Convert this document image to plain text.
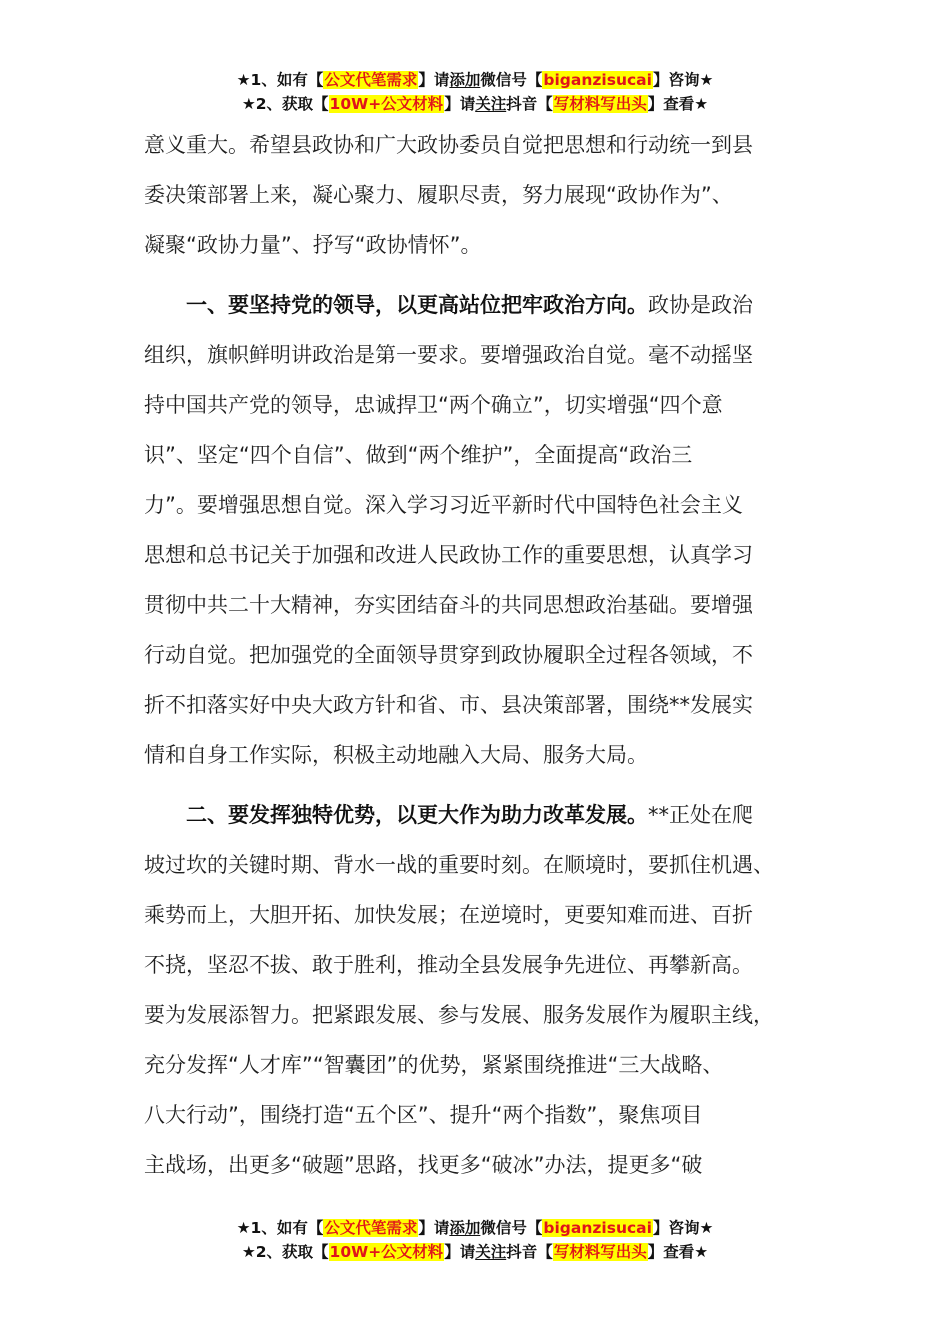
★1、如有【公文代笔需求】请添加微信号【biganzisucai】咨询★
★2、获取【10W+公文材料】请关注抖音【写材料写出头】查看★

意义重大。希望县政协和广大政协委员自觉把思想和行动统一到县

委决策部署上来，凝心聚力、履职尽责，努力展现“政协作为”、

凝聚“政协力量”、抒写“政协情怀”。

一、要坚持党的领导，以更高站位把牢政治方向。政协是政治

组织，旗帜鲜明讲政治是第一要求。要增强政治自觉。毫不动摇坚

持中国共产党的领导，忠诚捍卫“两个确立”，切实增强“四个意

识”、坚定“四个自信”、做到“两个维护”，全面提高“政治三

力”。要增强思想自觉。深入学习习近平新时代中国特色社会主义

思想和总书记关于加强和改进人民政协工作的重要思想，认真学习

贯彻中共二十大精神，夯实团结奋斗的共同思想政治基础。要增强

行动自觉。把加强党的全面领导贯穿到政协履职全过程各领域，不

折不扣落实好中央大政方针和省、市、县决策部署，围绕**发展实

情和自身工作实际，积极主动地融入大局、服务大局。

二、要发挥独特优势，以更大作为助力改革发展。**正处在爬

坡过坎的关键时期、背水一战的重要时刻。在顺境时，要抓住机遇、

乘势而上，大胆开拓、加快发展；在逆境时，更要知难而进、百折

不挠，坚忍不拔、敢于胜利，推动全县发展争先进位、再攀新高。

要为发展添智力。把紧跟发展、参与发展、服务发展作为履职主线，

充分发挥“人才库”“智囊团”的优势，紧紧围绕推进“三大战略、

八大行动”，围绕打造“五个区”、提升“两个指数”，聚焦项目

主战场，出更多“破题”思路，找更多“破冰”办法，提更多“破

★1、如有【公文代笔需求】请添加微信号【biganzisucai】咨询★
★2、获取【10W+公文材料】请关注抖音【写材料写出头】查看★
